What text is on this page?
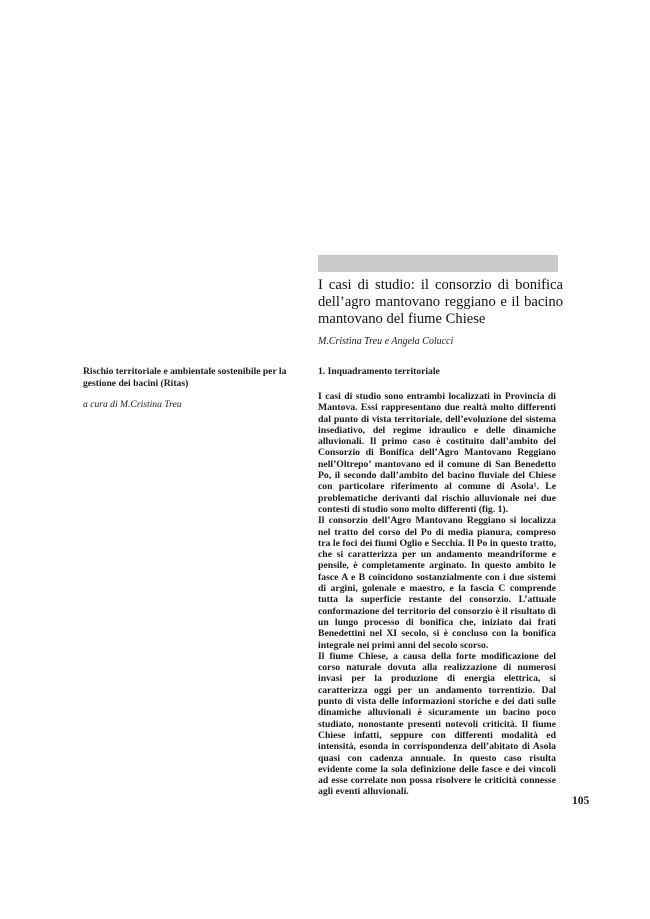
I casi di studio: il consorzio di bonifica dell’agro mantovano reggiano e il bacino mantovano del fiume Chiese

M.Cristina Treu e Angela Colucci

Rischio territoriale e ambientale sostenibile per la gestione dei bacini (Ritas)

a cura di M.Cristina Treu

1. Inquadramento territoriale

I casi di studio sono entrambi localizzati in Provincia di Mantova. Essi rappresentano due realtà molto differenti dal punto di vista territoriale, dell’evoluzione del sistema insediativo, del regime idraulico e delle dinamiche alluvionali. Il primo caso è costituito dall’ambito del Consorzio di Bonifica dell’Agro Mantovano Reggiano nell’Oltrepo’ mantovano ed il comune di San Benedetto Po, il secondo dall’ambito del bacino fluviale del Chiese con particolare riferimento al comune di Asola¹. Le problematiche derivanti dal rischio alluvionale nei due contesti di studio sono molto differenti (fig. 1).

Il consorzio dell’Agro Mantovano Reggiano si localizza nel tratto del corso del Po di media pianura, compreso tra le foci dei fiumi Oglio e Secchia. Il Po in questo tratto, che si caratterizza per un andamento meandriforme e pensile, è completamente arginato. In questo ambito le fasce A e B coincidono sostanzialmente con i due sistemi di argini, golenale e maestro, e la fascia C comprende tutta la superficie restante del consorzio. L’attuale conformazione del territorio del consorzio è il risultato di un lungo processo di bonifica che, iniziato dai frati Benedettini nel XI secolo, si è concluso con la bonifica integrale nei primi anni del secolo scorso.

Il fiume Chiese, a causa della forte modificazione del corso naturale dovuta alla realizzazione di numerosi invasi per la produzione di energia elettrica, si caratterizza oggi per un andamento torrentizio. Dal punto di vista delle informazioni storiche e dei dati sulle dinamiche alluvionali è sicuramente un bacino poco studiato, nonostante presenti notevoli criticità. Il fiume Chiese infatti, seppure con differenti modalità ed intensità, esonda in corrispondenza dell’abitato di Asola quasi con cadenza annuale. In questo caso risulta evidente come la sola definizione delle fasce e dei vincoli ad esse correlate non possa risolvere le criticità connesse agli eventi alluvionali.

105
